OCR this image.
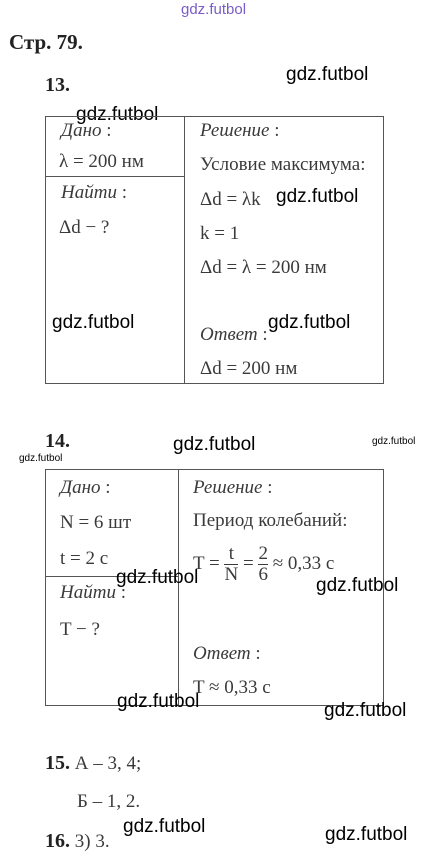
gdz.futbol
Стр. 79.
13.	gdz.futbol
gdz.futbol
Дано :
λ = 200 нм
Найти :
Δd − ?
Решение :
Условие максимума:
Δd = λk gdz.futbol
k = 1
Δd = λ = 200 нм
gdz.futbol
Ответ :
gdz.futbol
Δd = 200 нм
14.
gdz.futbol
gdz.futbol	gdz.futbol
Дано :
N = 6 шт
t = 2 с
Найти :
T − ?
Решение :
Период колебаний:
$T = \frac{t}{N} = \frac{2}{6} \approx 0,33$ с
gdz.futbol	gdz.futbol
Ответ :
T ≈ 0,33 с
gdz.futbol	gdz.futbol
15. А – 3, 4;
Б – 1, 2.
16. 3) 3.
gdz.futbol	gdz.futbol
